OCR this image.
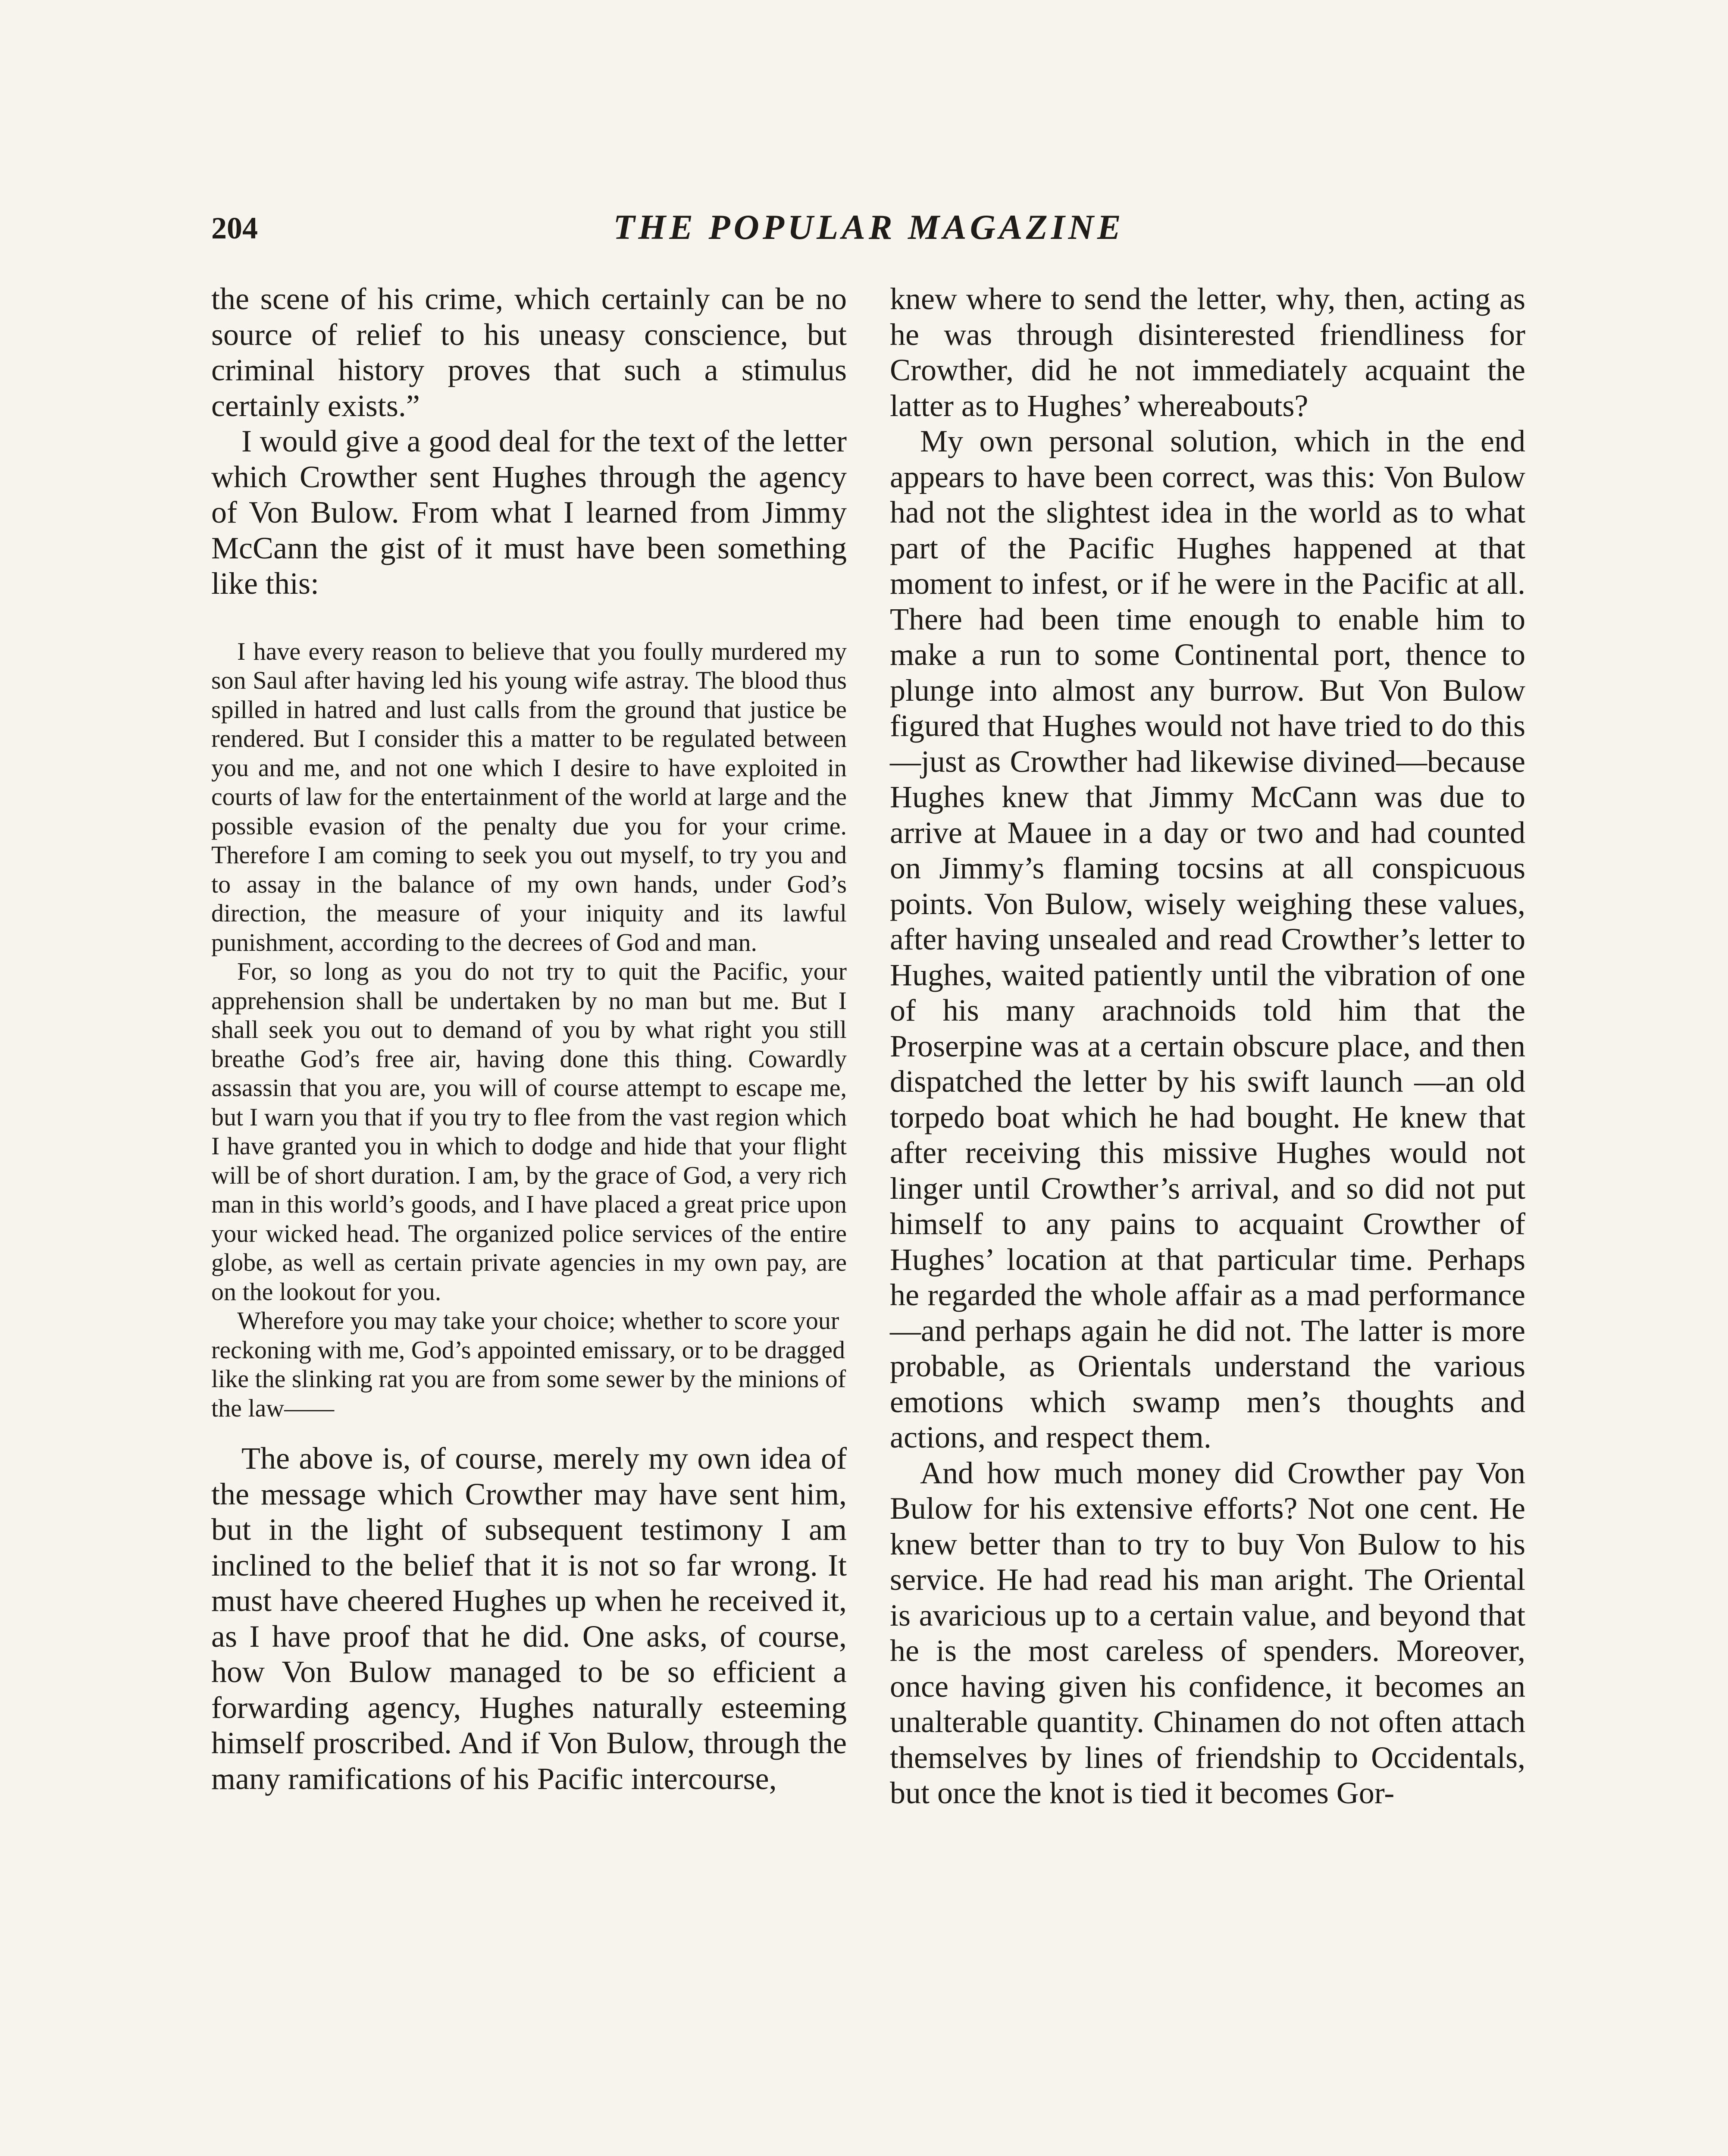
204	THE POPULAR MAGAZINE

the scene of his crime, which certainly can be no source of relief to his uneasy conscience, but criminal history proves that such a stimulus certainly exists.”

I would give a good deal for the text of the letter which Crowther sent Hughes through the agency of Von Bulow. From what I learned from Jimmy McCann the gist of it must have been something like this:

I have every reason to believe that you foully murdered my son Saul after having led his young wife astray. The blood thus spilled in hatred and lust calls from the ground that justice be rendered. But I consider this a matter to be regulated between you and me, and not one which I desire to have exploited in courts of law for the entertainment of the world at large and the possible evasion of the penalty due you for your crime. Therefore I am coming to seek you out myself, to try you and to assay in the balance of my own hands, under God’s direction, the measure of your iniquity and its lawful punishment, according to the decrees of God and man.

For, so long as you do not try to quit the Pacific, your apprehension shall be undertaken by no man but me. But I shall seek you out to demand of you by what right you still breathe God’s free air, having done this thing. Cowardly assassin that you are, you will of course attempt to escape me, but I warn you that if you try to flee from the vast region which I have granted you in which to dodge and hide that your flight will be of short duration. I am, by the grace of God, a very rich man in this world’s goods, and I have placed a great price upon your wicked head. The organized police services of the entire globe, as well as certain private agencies in my own pay, are on the lookout for you.

Wherefore you may take your choice; whether to score your reckoning with me, God’s appointed emissary, or to be dragged like the slinking rat you are from some sewer by the minions of the law——

The above is, of course, merely my own idea of the message which Crowther may have sent him, but in the light of subsequent testimony I am inclined to the belief that it is not so far wrong. It must have cheered Hughes up when he received it, as I have proof that he did. One asks, of course, how Von Bulow managed to be so efficient a forwarding agency, Hughes naturally esteeming himself proscribed. And if Von Bulow, through the many ramifications of his Pacific intercourse,

knew where to send the letter, why, then, acting as he was through disinterested friendliness for Crowther, did he not immediately acquaint the latter as to Hughes’ whereabouts?

My own personal solution, which in the end appears to have been correct, was this: Von Bulow had not the slightest idea in the world as to what part of the Pacific Hughes happened at that moment to infest, or if he were in the Pacific at all. There had been time enough to enable him to make a run to some Continental port, thence to plunge into almost any burrow. But Von Bulow figured that Hughes would not have tried to do this—just as Crowther had likewise divined—because Hughes knew that Jimmy McCann was due to arrive at Mauee in a day or two and had counted on Jimmy’s flaming tocsins at all conspicuous points. Von Bulow, wisely weighing these values, after having unsealed and read Crowther’s letter to Hughes, waited patiently until the vibration of one of his many arachnoids told him that the Proserpine was at a certain obscure place, and then dispatched the letter by his swift launch —an old torpedo boat which he had bought. He knew that after receiving this missive Hughes would not linger until Crowther’s arrival, and so did not put himself to any pains to acquaint Crowther of Hughes’ location at that particular time. Perhaps he regarded the whole affair as a mad performance —and perhaps again he did not. The latter is more probable, as Orientals understand the various emotions which swamp men’s thoughts and actions, and respect them.

And how much money did Crowther pay Von Bulow for his extensive efforts? Not one cent. He knew better than to try to buy Von Bulow to his service. He had read his man aright. The Oriental is avaricious up to a certain value, and beyond that he is the most careless of spenders. Moreover, once having given his confidence, it becomes an unalterable quantity. Chinamen do not often attach themselves by lines of friendship to Occidentals, but once the knot is tied it becomes Gor-
